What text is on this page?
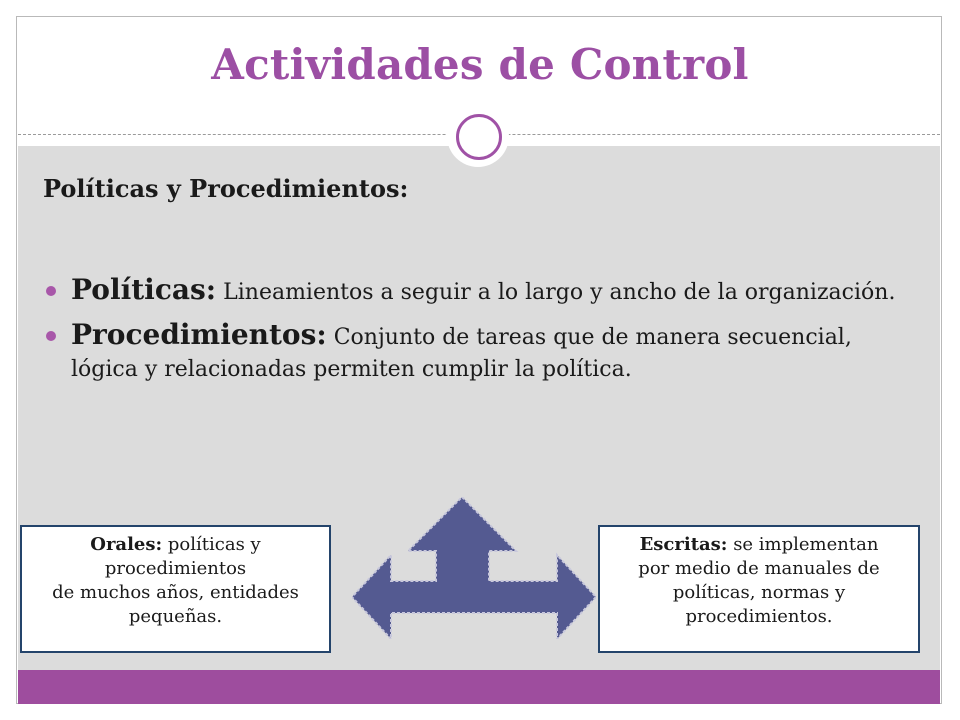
Actividades de Control
Políticas y Procedimientos:
Políticas: Lineamientos a seguir a lo largo y ancho de la organización.
Procedimientos: Conjunto de tareas que de manera secuencial, lógica y relacionadas permiten cumplir la política.
Orales: políticas y
procedimientos
de muchos años, entidades
pequeñas.
Escritas: se implementan
por medio de manuales de
políticas, normas y
procedimientos.
